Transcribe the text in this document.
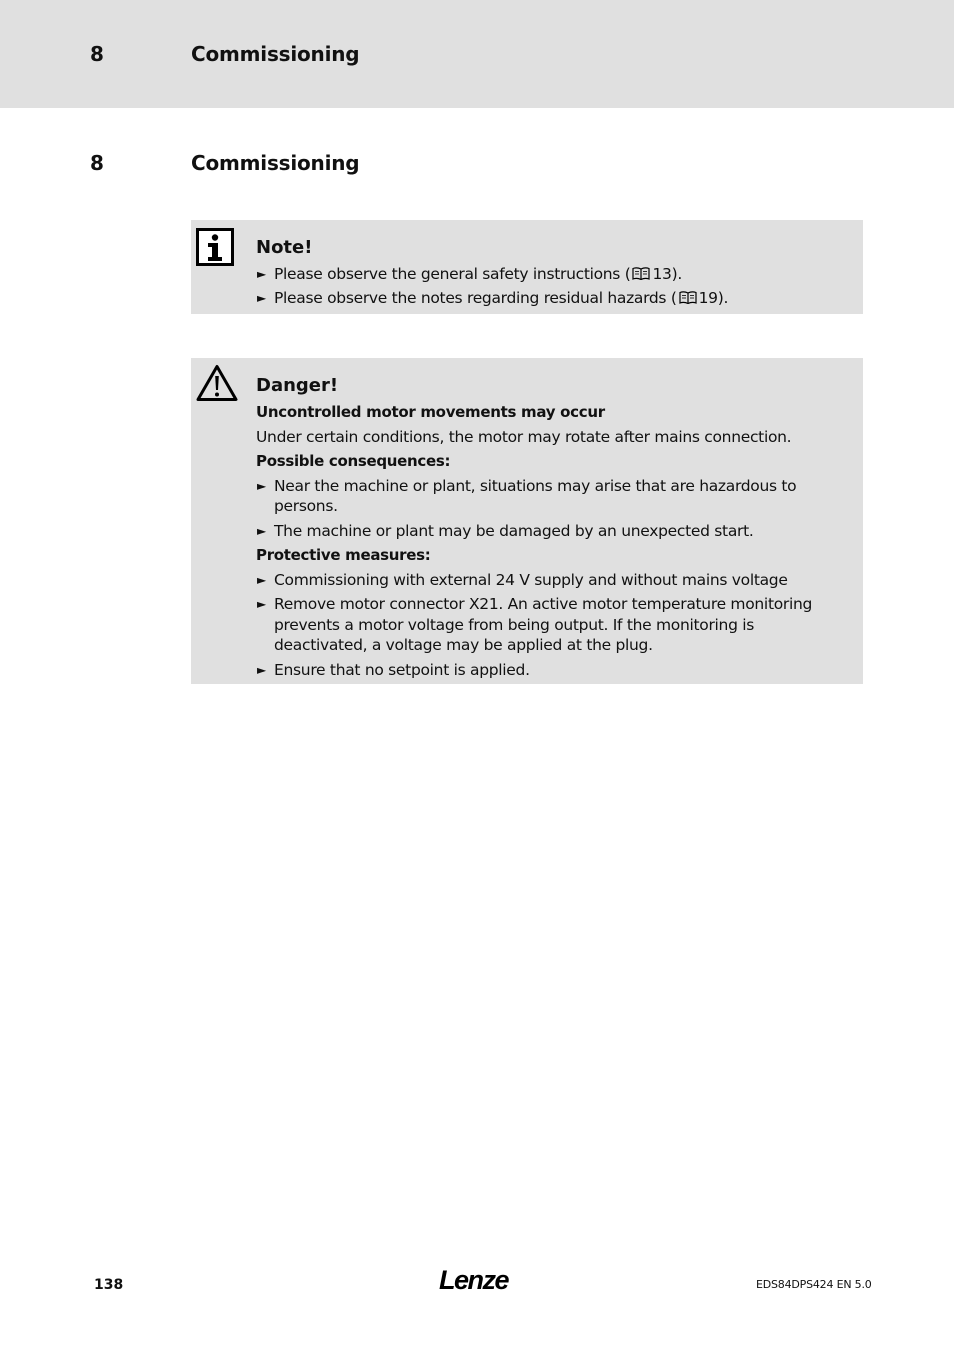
8	Commissioning
8	Commissioning
Note!
► Please observe the general safety instructions ( 13).
► Please observe the notes regarding residual hazards ( 19).
Danger!
Uncontrolled motor movements may occur
Under certain conditions, the motor may rotate after mains connection.
Possible consequences:
► Near the machine or plant, situations may arise that are hazardous to persons.
► The machine or plant may be damaged by an unexpected start.
Protective measures:
► Commissioning with external 24 V supply and without mains voltage
► Remove motor connector X21. An active motor temperature monitoring prevents a motor voltage from being output. If the monitoring is deactivated, a voltage may be applied at the plug.
► Ensure that no setpoint is applied.
138	Lenze	EDS84DPS424 EN 5.0
